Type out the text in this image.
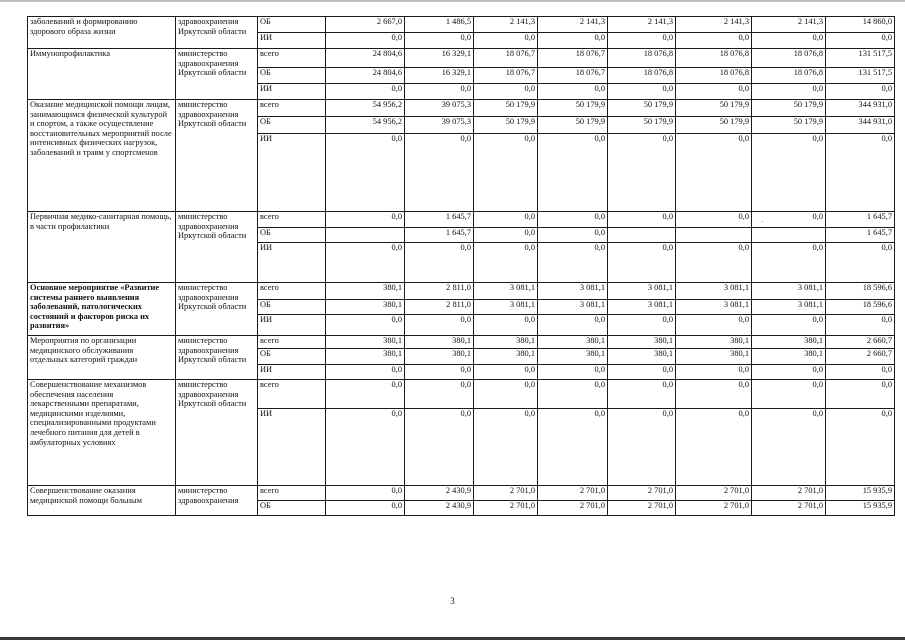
заболеваний и формированию здорового образа жизни	здравоохранения Иркутской области	ОБ	2 667,0	1 486,5	2 141,3	2 141,3	2 141,3	2 141,3	2 141,3	14 860,0
		ИИ	0,0	0,0	0,0	0,0	0,0	0,0	0,0	0,0
Иммунопрофилактика	министерство здравоохранения Иркутской области	всего	24 804,6	16 329,1	18 076,7	18 076,7	18 076,8	18 076,8	18 076,8	131 517,5
		ОБ	24 804,6	16 329,1	18 076,7	18 076,7	18 076,8	18 076,8	18 076,8	131 517,5
		ИИ	0,0	0,0	0,0	0,0	0,0	0,0	0,0	0,0
Оказание медицинской помощи лицам, занимающимся физической культурой и спортом, а также осуществление восстановительных мероприятий после интенсивных физических нагрузок, заболеваний и травм у спортсменов	министерство здравоохранения Иркутской области	всего	54 956,2	39 075,3	50 179,9	50 179,9	50 179,9	50 179,9	50 179,9	344 931,0
		ОБ	54 956,2	39 075,3	50 179,9	50 179,9	50 179,9	50 179,9	50 179,9	344 931,0
		ИИ	0,0	0,0	0,0	0,0	0,0	0,0	0,0	0,0
Первичная медико-санитарная помощь, в части профилактики	министерство здравоохранения Иркутской области	всего	0,0	1 645,7	0,0	0,0	0,0	0,0	0,0	1 645,7
		ОБ		1 645,7	0,0	0,0				1 645,7
		ИИ	0,0	0,0	0,0	0,0	0,0	0,0	0,0	0,0
Основное мероприятие «Развитие системы раннего выявления заболеваний, патологических состояний и факторов риска их развития»	министерство здравоохранения Иркутской области	всего	380,1	2 811,0	3 081,1	3 081,1	3 081,1	3 081,1	3 081,1	18 596,6
		ОБ	380,1	2 811,0	3 081,1	3 081,1	3 081,1	3 081,1	3 081,1	18 596,6
		ИИ	0,0	0,0	0,0	0,0	0,0	0,0	0,0	0,0
Мероприятия по организации медицинского обслуживания отдельных категорий граждан	министерство здравоохранения Иркутской области	всего	380,1	380,1	380,1	380,1	380,1	380,1	380,1	2 660,7
		ОБ	380,1	380,1	380,1	380,1	380,1	380,1	380,1	2 660,7
		ИИ	0,0	0,0	0,0	0,0	0,0	0,0	0,0	0,0
Совершенствование механизмов обеспечения населения лекарственными препаратами, медицинскими изделиями, специализированными продуктами лечебного питания для детей в амбулаторных условиях	министерство здравоохранения Иркутской области	всего	0,0	0,0	0,0	0,0	0,0	0,0	0,0	0,0
		ИИ	0,0	0,0	0,0	0,0	0,0	0,0	0,0	0,0
Совершенствование оказания медицинской помощи больным	министерство здравоохранения	всего	0,0	2 430,9	2 701,0	2 701,0	2 701,0	2 701,0	2 701,0	15 935,9
		ОБ	0,0	2 430,9	2 701,0	2 701,0	2 701,0	2 701,0	2 701,0	15 935,9
·
3
